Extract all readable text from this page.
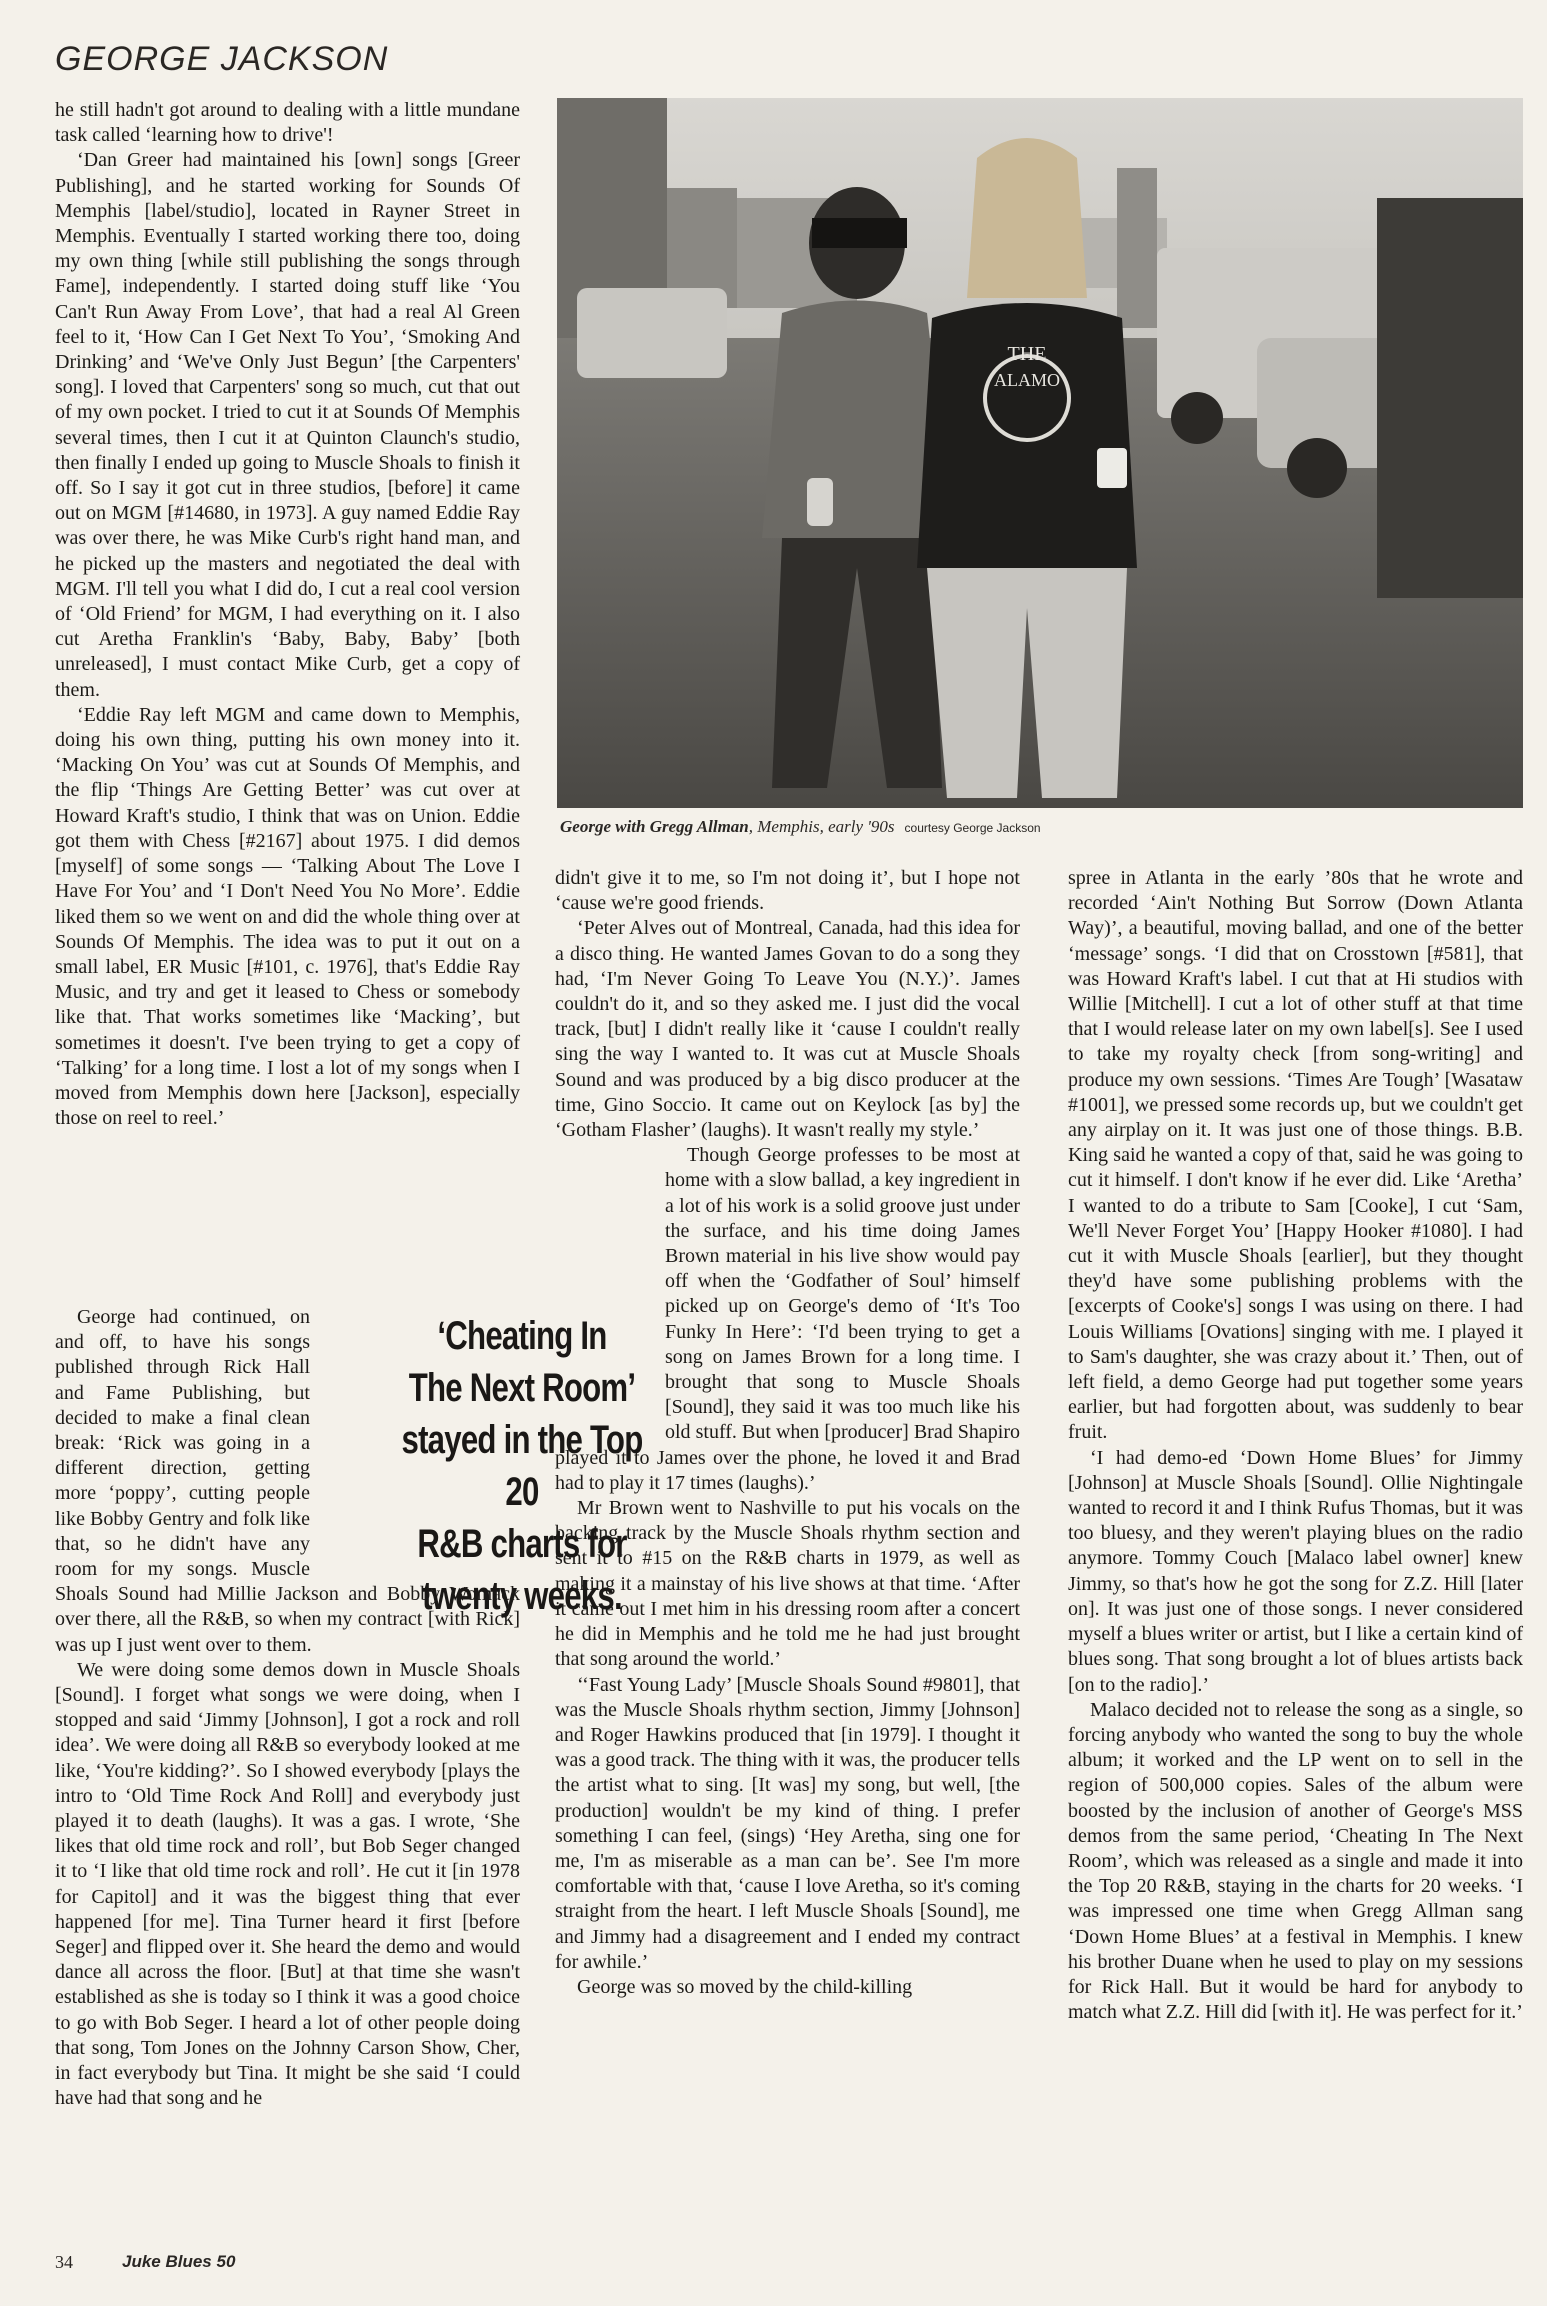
GEORGE JACKSON

he still hadn't got around to dealing with a little mundane task called ‘learning how to drive'!

‘Dan Greer had maintained his [own] songs [Greer Publishing], and he started working for Sounds Of Memphis [label/studio], located in Rayner Street in Memphis. Eventually I started working there too, doing my own thing [while still publishing the songs through Fame], independently. I started doing stuff like ‘You Can't Run Away From Love’, that had a real Al Green feel to it, ‘How Can I Get Next To You’, ‘Smoking And Drinking’ and ‘We've Only Just Begun’ [the Carpenters' song]. I loved that Carpenters' song so much, cut that out of my own pocket. I tried to cut it at Sounds Of Memphis several times, then I cut it at Quinton Claunch's studio, then finally I ended up going to Muscle Shoals to finish it off. So I say it got cut in three studios, [before] it came out on MGM [#14680, in 1973]. A guy named Eddie Ray was over there, he was Mike Curb's right hand man, and he picked up the masters and negotiated the deal with MGM. I'll tell you what I did do, I cut a real cool version of ‘Old Friend’ for MGM, I had everything on it. I also cut Aretha Franklin's ‘Baby, Baby, Baby’ [both unreleased], I must contact Mike Curb, get a copy of them.

‘Eddie Ray left MGM and came down to Memphis, doing his own thing, putting his own money into it. ‘Macking On You’ was cut at Sounds Of Memphis, and the flip ‘Things Are Getting Better’ was cut over at Howard Kraft's studio, I think that was on Union. Eddie got them with Chess [#2167] about 1975. I did demos [myself] of some songs — ‘Talking About The Love I Have For You’ and ‘I Don't Need You No More’. Eddie liked them so we went on and did the whole thing over at Sounds Of Memphis. The idea was to put it out on a small label, ER Music [#101, c. 1976], that's Eddie Ray Music, and try and get it leased to Chess or somebody like that. That works sometimes like ‘Macking’, but sometimes it doesn't. I've been trying to get a copy of ‘Talking’ for a long time. I lost a lot of my songs when I moved from Memphis down here [Jackson], especially those on reel to reel.’

George had continued, on and off, to have his songs published through Rick Hall and Fame Publishing, but decided to make a final clean break: ‘Rick was going in a different direction, getting more ‘poppy’, cutting people like Bobby Gentry and folk like that, so he didn't have any room for my songs. Muscle Shoals Sound had Millie Jackson and Bobby Womack over there, all the R&B, so when my contract [with Rick] was up I just went over to them.

We were doing some demos down in Muscle Shoals [Sound]. I forget what songs we were doing, when I stopped and said ‘Jimmy [Johnson], I got a rock and roll idea’. We were doing all R&B so everybody looked at me like, ‘You're kidding?’. So I showed everybody [plays the intro to ‘Old Time Rock And Roll] and everybody just played it to death (laughs). It was a gas. I wrote, ‘She likes that old time rock and roll’, but Bob Seger changed it to ‘I like that old time rock and roll’. He cut it [in 1978 for Capitol] and it was the biggest thing that ever happened [for me]. Tina Turner heard it first [before Seger] and flipped over it. She heard the demo and would dance all across the floor. [But] at that time she wasn't established as she is today so I think it was a good choice to go with Bob Seger. I heard a lot of other people doing that song, Tom Jones on the Johnny Carson Show, Cher, in fact everybody but Tina. It might be she said ‘I could have had that song and he

THE
ALAMO
George with Gregg Allman, Memphis, early '90s courtesy George Jackson
‘Cheating In
The Next Room’
stayed in the Top 20
R&B charts for
twenty weeks.

didn't give it to me, so I'm not doing it’, but I hope not ‘cause we're good friends.

‘Peter Alves out of Montreal, Canada, had this idea for a disco thing. He wanted James Govan to do a song they had, ‘I'm Never Going To Leave You (N.Y.)’. James couldn't do it, and so they asked me. I just did the vocal track, [but] I didn't really like it ‘cause I couldn't really sing the way I wanted to. It was cut at Muscle Shoals Sound and was produced by a big disco producer at the time, Gino Soccio. It came out on Keylock [as by] the ‘Gotham Flasher’ (laughs). It wasn't really my style.’

Though George professes to be most at home with a slow ballad, a key ingredient in a lot of his work is a solid groove just under the surface, and his time doing James Brown material in his live show would pay off when the ‘Godfather of Soul’ himself picked up on George's demo of ‘It's Too Funky In Here’: ‘I'd been trying to get a song on James Brown for a long time. I brought that song to Muscle Shoals [Sound], they said it was too much like his old stuff. But when [producer] Brad Shapiro played it to James over the phone, he loved it and Brad had to play it 17 times (laughs).’

Mr Brown went to Nashville to put his vocals on the backing track by the Muscle Shoals rhythm section and sent it to #15 on the R&B charts in 1979, as well as making it a mainstay of his live shows at that time. ‘After it came out I met him in his dressing room after a concert he did in Memphis and he told me he had just brought that song around the world.’

‘‘Fast Young Lady’ [Muscle Shoals Sound #9801], that was the Muscle Shoals rhythm section, Jimmy [Johnson] and Roger Hawkins produced that [in 1979]. I thought it was a good track. The thing with it was, the producer tells the artist what to sing. [It was] my song, but well, [the production] wouldn't be my kind of thing. I prefer something I can feel, (sings) ‘Hey Aretha, sing one for me, I'm as miserable as a man can be’. See I'm more comfortable with that, ‘cause I love Aretha, so it's coming straight from the heart. I left Muscle Shoals [Sound], me and Jimmy had a disagreement and I ended my contract for awhile.’

George was so moved by the child-killing

spree in Atlanta in the early ’80s that he wrote and recorded ‘Ain't Nothing But Sorrow (Down Atlanta Way)’, a beautiful, moving ballad, and one of the better ‘message’ songs. ‘I did that on Crosstown [#581], that was Howard Kraft's label. I cut that at Hi studios with Willie [Mitchell]. I cut a lot of other stuff at that time that I would release later on my own label[s]. See I used to take my royalty check [from song-writing] and produce my own sessions. ‘Times Are Tough’ [Wasataw #1001], we pressed some records up, but we couldn't get any airplay on it. It was just one of those things. B.B. King said he wanted a copy of that, said he was going to cut it himself. I don't know if he ever did. Like ‘Aretha’ I wanted to do a tribute to Sam [Cooke], I cut ‘Sam, We'll Never Forget You’ [Happy Hooker #1080]. I had cut it with Muscle Shoals [earlier], but they thought they'd have some publishing problems with the [excerpts of Cooke's] songs I was using on there. I had Louis Williams [Ovations] singing with me. I played it to Sam's daughter, she was crazy about it.’ Then, out of left field, a demo George had put together some years earlier, but had forgotten about, was suddenly to bear fruit.

‘I had demo-ed ‘Down Home Blues’ for Jimmy [Johnson] at Muscle Shoals [Sound]. Ollie Nightingale wanted to record it and I think Rufus Thomas, but it was too bluesy, and they weren't playing blues on the radio anymore. Tommy Couch [Malaco label owner] knew Jimmy, so that's how he got the song for Z.Z. Hill [later on]. It was just one of those songs. I never considered myself a blues writer or artist, but I like a certain kind of blues song. That song brought a lot of blues artists back [on to the radio].’

Malaco decided not to release the song as a single, so forcing anybody who wanted the song to buy the whole album; it worked and the LP went on to sell in the region of 500,000 copies. Sales of the album were boosted by the inclusion of another of George's MSS demos from the same period, ‘Cheating In The Next Room’, which was released as a single and made it into the Top 20 R&B, staying in the charts for 20 weeks. ‘I was impressed one time when Gregg Allman sang ‘Down Home Blues’ at a festival in Memphis. I knew his brother Duane when he used to play on my sessions for Rick Hall. But it would be hard for anybody to match what Z.Z. Hill did [with it]. He was perfect for it.’

34	Juke Blues 50
